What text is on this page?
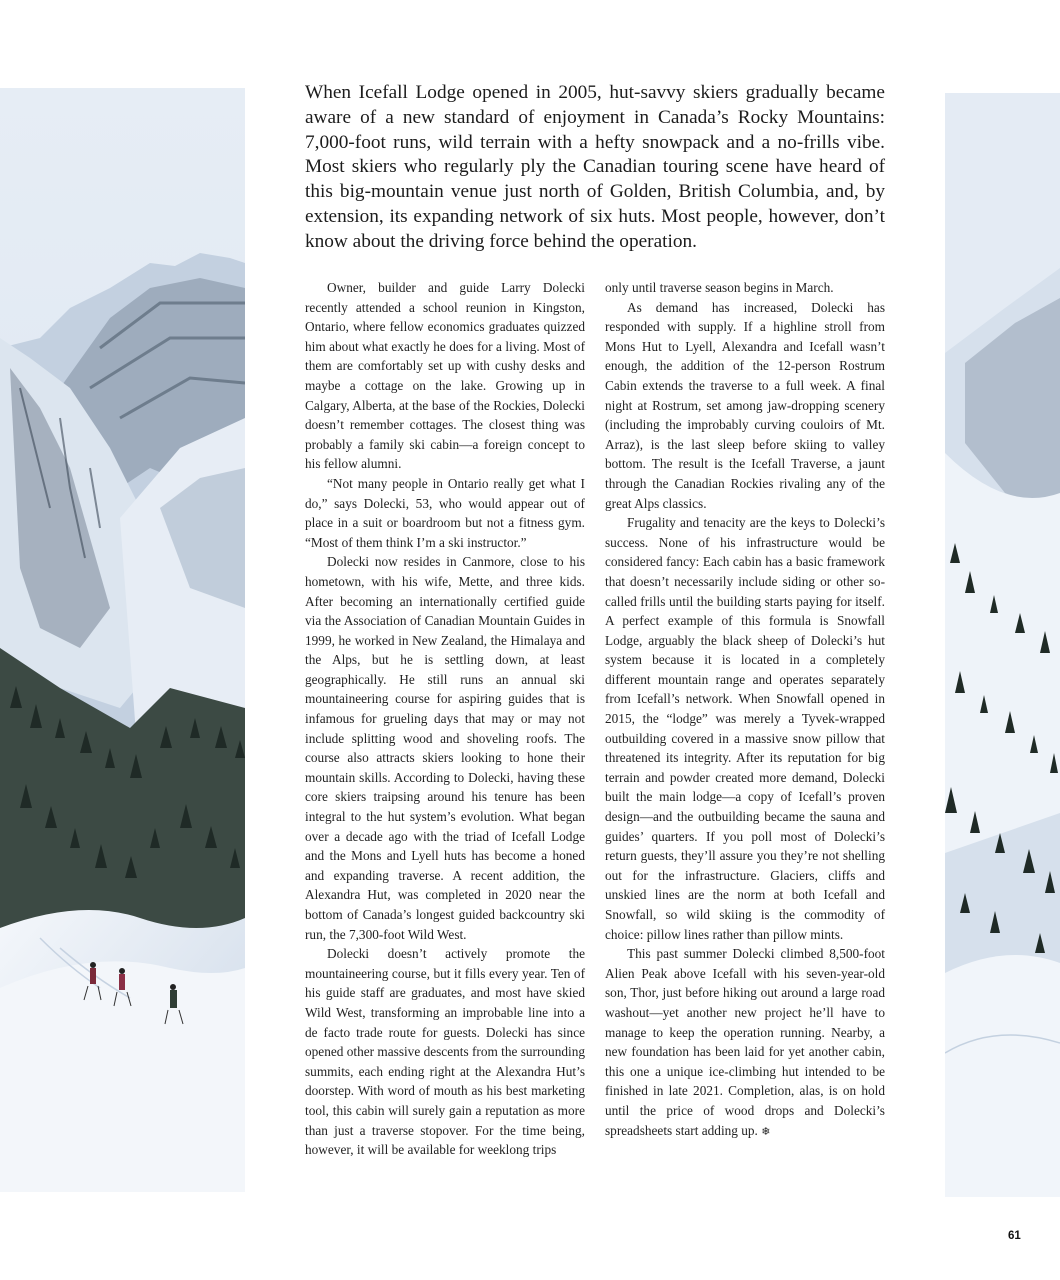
When Icefall Lodge opened in 2005, hut-savvy skiers gradually became aware of a new standard of enjoyment in Canada’s Rocky Mountains: 7,000-foot runs, wild terrain with a hefty snowpack and a no-frills vibe. Most skiers who regularly ply the Canadian touring scene have heard of this big-mountain venue just north of Golden, British Columbia, and, by extension, its expanding network of six huts. Most people, however, don’t know about the driving force behind the operation.

Owner, builder and guide Larry Dolecki recently attended a school reunion in Kingston, Ontario, where fellow economics graduates quizzed him about what exactly he does for a living. Most of them are comfortably set up with cushy desks and maybe a cottage on the lake. Growing up in Calgary, Alberta, at the base of the Rockies, Dolecki doesn’t remember cottages. The closest thing was probably a family ski cabin—a foreign concept to his fellow alumni.

“Not many people in Ontario really get what I do,” says Dolecki, 53, who would appear out of place in a suit or boardroom but not a fitness gym. “Most of them think I’m a ski instructor.”

Dolecki now resides in Canmore, close to his hometown, with his wife, Mette, and three kids. After becoming an internationally certified guide via the Association of Canadian Mountain Guides in 1999, he worked in New Zealand, the Himalaya and the Alps, but he is settling down, at least geographically. He still runs an annual ski mountaineering course for aspiring guides that is infamous for grueling days that may or may not include splitting wood and shoveling roofs. The course also attracts skiers looking to hone their mountain skills. According to Dolecki, having these core skiers traipsing around his tenure has been integral to the hut system’s evolution. What began over a decade ago with the triad of Icefall Lodge and the Mons and Lyell huts has become a honed and expanding traverse. A recent addition, the Alexandra Hut, was completed in 2020 near the bottom of Canada’s longest guided backcountry ski run, the 7,300-foot Wild West.

Dolecki doesn’t actively promote the mountaineering course, but it fills every year. Ten of his guide staff are graduates, and most have skied Wild West, transforming an improbable line into a de facto trade route for guests. Dolecki has since opened other massive descents from the surrounding summits, each ending right at the Alexandra Hut’s doorstep. With word of mouth as his best marketing tool, this cabin will surely gain a reputation as more than just a traverse stopover. For the time being, however, it will be available for weeklong trips

only until traverse season begins in March.

As demand has increased, Dolecki has responded with supply. If a highline stroll from Mons Hut to Lyell, Alexandra and Icefall wasn’t enough, the addition of the 12-person Rostrum Cabin extends the traverse to a full week. A final night at Rostrum, set among jaw-dropping scenery (including the improbably curving couloirs of Mt. Arraz), is the last sleep before skiing to valley bottom. The result is the Icefall Traverse, a jaunt through the Canadian Rockies rivaling any of the great Alps classics.

Frugality and tenacity are the keys to Dolecki’s success. None of his infrastructure would be considered fancy: Each cabin has a basic framework that doesn’t necessarily include siding or other so-called frills until the building starts paying for itself. A perfect example of this formula is Snowfall Lodge, arguably the black sheep of Dolecki’s hut system because it is located in a completely different mountain range and operates separately from Icefall’s network. When Snowfall opened in 2015, the “lodge” was merely a Tyvek-wrapped outbuilding covered in a massive snow pillow that threatened its integrity. After its reputation for big terrain and powder created more demand, Dolecki built the main lodge—a copy of Icefall’s proven design—and the outbuilding became the sauna and guides’ quarters. If you poll most of Dolecki’s return guests, they’ll assure you they’re not shelling out for the infrastructure. Glaciers, cliffs and unskied lines are the norm at both Icefall and Snowfall, so wild skiing is the commodity of choice: pillow lines rather than pillow mints.

This past summer Dolecki climbed 8,500-foot Alien Peak above Icefall with his seven-year-old son, Thor, just before hiking out around a large road washout—yet another new project he’ll have to manage to keep the operation running. Nearby, a new foundation has been laid for yet another cabin, this one a unique ice-climbing hut intended to be finished in late 2021. Completion, alas, is on hold until the price of wood drops and Dolecki’s spreadsheets start adding up. ❄

61
